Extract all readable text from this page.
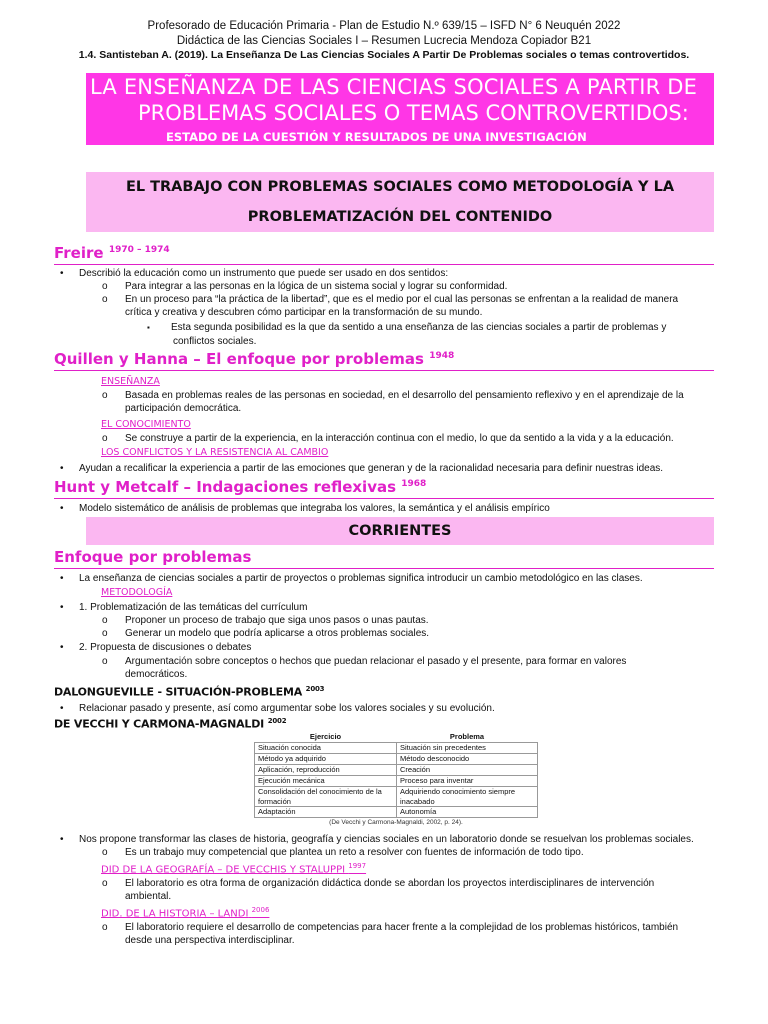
Profesorado de Educación Primaria - Plan de Estudio N.º 639/15 – ISFD N° 6 Neuquén 2022
Didáctica de las Ciencias Sociales I – Resumen Lucrecia Mendoza Copiador B21
1.4. Santisteban A. (2019). La Enseñanza De Las Ciencias Sociales A Partir De Problemas sociales o temas controvertidos.
LA ENSEÑANZA DE LAS CIENCIAS SOCIALES A PARTIR DE
PROBLEMAS SOCIALES O TEMAS CONTROVERTIDOS:
ESTADO DE LA CUESTIÓN Y RESULTADOS DE UNA INVESTIGACIÓN
EL TRABAJO CON PROBLEMAS SOCIALES COMO METODOLOGÍA Y LA
PROBLEMATIZACIÓN DEL CONTENIDO
Freire $^{1970 - 1974}$
• Describió la educación como un instrumento que puede ser usado en dos sentidos:
o Para integrar a las personas en la lógica de un sistema social y lograr su conformidad.
o En un proceso para “la práctica de la libertad”, que es el medio por el cual las personas se enfrentan a la realidad de manera
crítica y creativa y descubren cómo participar en la transformación de su mundo.
▪ Esta segunda posibilidad es la que da sentido a una enseñanza de las ciencias sociales a partir de problemas y
conflictos sociales.
Quillen y Hanna – El enfoque por problemas $^{1948}$
ENSEÑANZA
o Basada en problemas reales de las personas en sociedad, en el desarrollo del pensamiento reflexivo y en el aprendizaje de la
participación democrática.
EL CONOCIMIENTO
o Se construye a partir de la experiencia, en la interacción continua con el medio, lo que da sentido a la vida y a la educación.
LOS CONFLICTOS Y LA RESISTENCIA AL CAMBIO
• Ayudan a recalificar la experiencia a partir de las emociones que generan y de la racionalidad necesaria para definir nuestras ideas.
Hunt y Metcalf – Indagaciones reflexivas $^{1968}$
• Modelo sistemático de análisis de problemas que integraba los valores, la semántica y el análisis empírico
CORRIENTES
Enfoque por problemas
• La enseñanza de ciencias sociales a partir de proyectos o problemas significa introducir un cambio metodológico en las clases.
METODOLOGÍA
• 1. Problematización de las temáticas del currículum
o Proponer un proceso de trabajo que siga unos pasos o unas pautas.
o Generar un modelo que podría aplicarse a otros problemas sociales.
• 2. Propuesta de discusiones o debates
o Argumentación sobre conceptos o hechos que puedan relacionar el pasado y el presente, para formar en valores
democráticos.
DALONGUEVILLE - SITUACIÓN-PROBLEMA $^{2003}$
• Relacionar pasado y presente, así como argumentar sobe los valores sociales y su evolución.
DE VECCHI Y CARMONA-MAGNALDI $^{2002}$
Ejercicio	Problema
Situación conocida	Situación sin precedentes
Método ya adquirido	Método desconocido
Aplicación, reproducción	Creación
Ejecución mecánica	Proceso para inventar
Consolidación del conocimiento de la formación	Adquiriendo conocimiento siempre inacabado
Adaptación	Autonomía
(De Vecchi y Carmona-Magnaldi, 2002, p. 24).
• Nos propone transformar las clases de historia, geografía y ciencias sociales en un laboratorio donde se resuelvan los problemas sociales.
o Es un trabajo muy competencial que plantea un reto a resolver con fuentes de información de todo tipo.
DID DE LA GEOGRAFÍA – DE VECCHIS Y STALUPPI $^{1997}$
o El laboratorio es otra forma de organización didáctica donde se abordan los proyectos interdisciplinares de intervención
ambiental.
DID. DE LA HISTORIA – LANDI $^{2006}$
o El laboratorio requiere el desarrollo de competencias para hacer frente a la complejidad de los problemas históricos, también
desde una perspectiva interdisciplinar.
